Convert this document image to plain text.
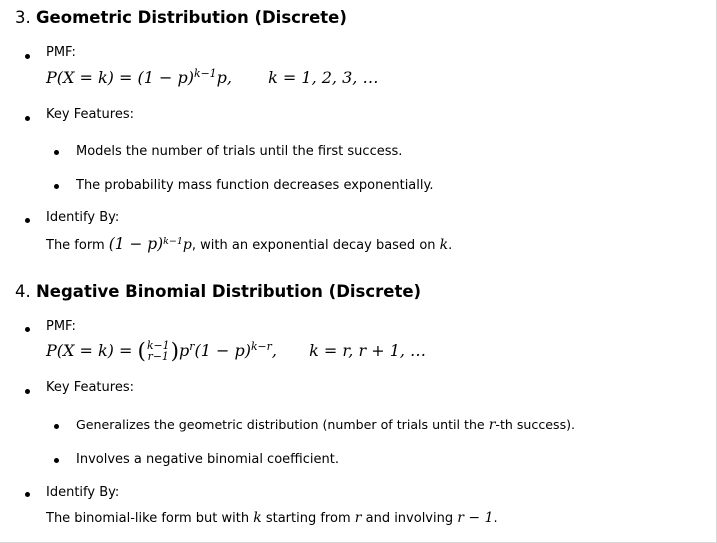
3. Geometric Distribution (Discrete)
PMF:
$P(X = k) = (1 - p)^{k-1}p$, k = 1, 2, 3, …
Key Features:
Models the number of trials until the first success.
The probability mass function decreases exponentially.
Identify By:
The form $(1 - p)^{k-1}p$, with an exponential decay based on k.
4. Negative Binomial Distribution (Discrete)
PMF:
P(X = k) = ( k−1
r−1 ) $p^r(1 - p)^{k-r}$, k = r, r + 1, …
Key Features:
Generalizes the geometric distribution (number of trials until the r-th success).
Involves a negative binomial coefficient.
Identify By:
The binomial-like form but with k starting from r and involving r − 1.
